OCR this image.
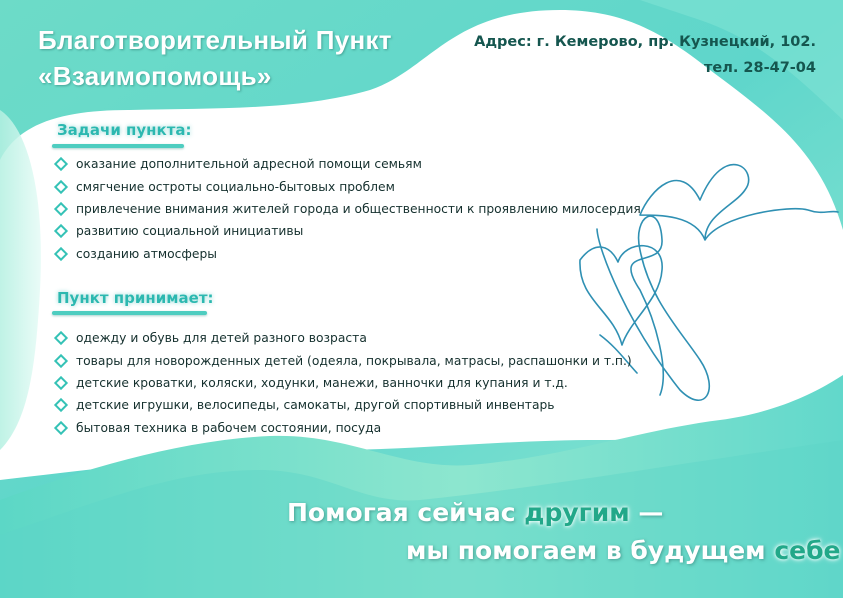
Благотворительный Пункт
«Взаимопомощь»
Адрес: г. Кемерово, пр. Кузнецкий, 102.
тел. 28-47-04
Задачи пункта:
оказание дополнительной адресной помощи семьям
смягчение остроты социально-бытовых проблем
привлечение внимания жителей города и общественности к проявлению милосердия
развитию социальной инициативы
созданию атмосферы
Пункт принимает:
одежду и обувь для детей разного возраста
товары для новорожденных детей (одеяла, покрывала, матрасы, распашонки и т.п.)
детские кроватки, коляски, ходунки, манежи, ванночки для купания и т.д.
детские игрушки, велосипеды, самокаты, другой спортивный инвентарь
бытовая техника в рабочем состоянии, посуда
Помогая сейчас другим —
мы помогаем в будущем себе
